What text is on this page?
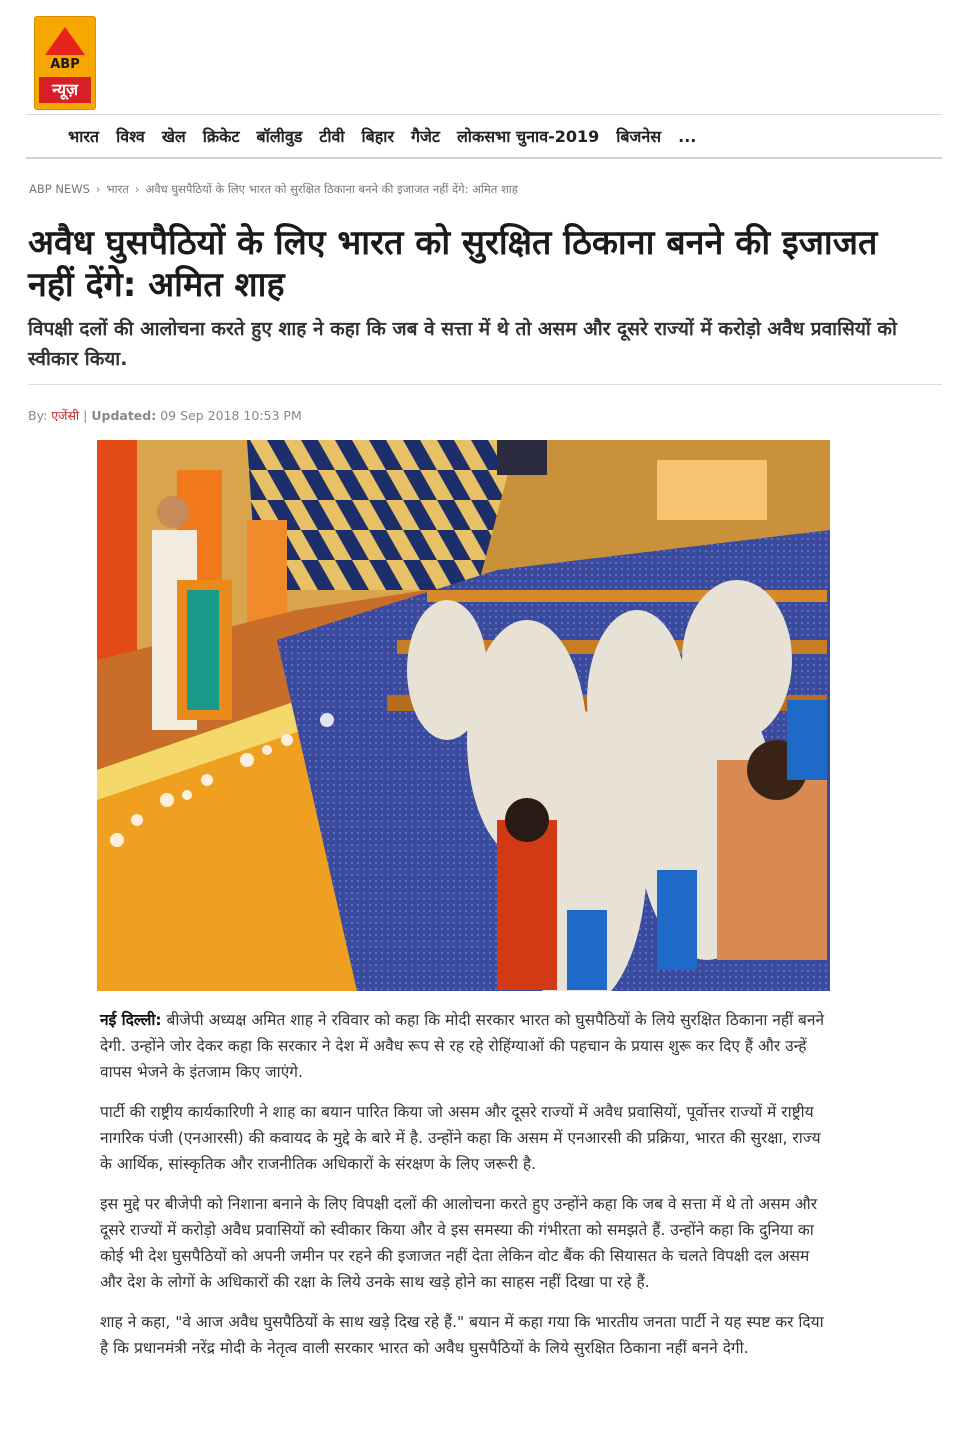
ABP
न्यूज़
भारत विश्व खेल क्रिकेट बॉलीवुड टीवी बिहार गैजेट लोकसभा चुनाव-2019 बिजनेस ...
ABP NEWS › भारत › अवैध घुसपैठियों के लिए भारत को सुरक्षित ठिकाना बनने की इजाजत नहीं देंगे: अमित शाह
अवैध घुसपैठियों के लिए भारत को सुरक्षित ठिकाना बनने की इजाजत नहीं देंगे: अमित शाह
विपक्षी दलों की आलोचना करते हुए शाह ने कहा कि जब वे सत्ता में थे तो असम और दूसरे राज्यों में करोड़ो अवैध प्रवासियों को स्वीकार किया.
By: एजेंसी | Updated: 09 Sep 2018 10:53 PM

नई दिल्ली: बीजेपी अध्यक्ष अमित शाह ने रविवार को कहा कि मोदी सरकार भारत को घुसपैठियों के लिये सुरक्षित ठिकाना नहीं बनने देगी. उन्होंने जोर देकर कहा कि सरकार ने देश में अवैध रूप से रह रहे रोहिंग्याओं की पहचान के प्रयास शुरू कर दिए हैं और उन्हें वापस भेजने के इंतजाम किए जाएंगे.

पार्टी की राष्ट्रीय कार्यकारिणी ने शाह का बयान पारित किया जो असम और दूसरे राज्यों में अवैध प्रवासियों, पूर्वोत्तर राज्यों में राष्ट्रीय नागरिक पंजी (एनआरसी) की कवायद के मुद्दे के बारे में है. उन्होंने कहा कि असम में एनआरसी की प्रक्रिया, भारत की सुरक्षा, राज्य के आर्थिक, सांस्कृतिक और राजनीतिक अधिकारों के संरक्षण के लिए जरूरी है.

इस मुद्दे पर बीजेपी को निशाना बनाने के लिए विपक्षी दलों की आलोचना करते हुए उन्होंने कहा कि जब वे सत्ता में थे तो असम और दूसरे राज्यों में करोड़ो अवैध प्रवासियों को स्वीकार किया और वे इस समस्या की गंभीरता को समझते हैं. उन्होंने कहा कि दुनिया का कोई भी देश घुसपैठियों को अपनी जमीन पर रहने की इजाजत नहीं देता लेकिन वोट बैंक की सियासत के चलते विपक्षी दल असम और देश के लोगों के अधिकारों की रक्षा के लिये उनके साथ खड़े होने का साहस नहीं दिखा पा रहे हैं.

शाह ने कहा, "वे आज अवैध घुसपैठियों के साथ खड़े दिख रहे हैं." बयान में कहा गया कि भारतीय जनता पार्टी ने यह स्पष्ट कर दिया है कि प्रधानमंत्री नरेंद्र मोदी के नेतृत्व वाली सरकार भारत को अवैध घुसपैठियों के लिये सुरक्षित ठिकाना नहीं बनने देगी.
